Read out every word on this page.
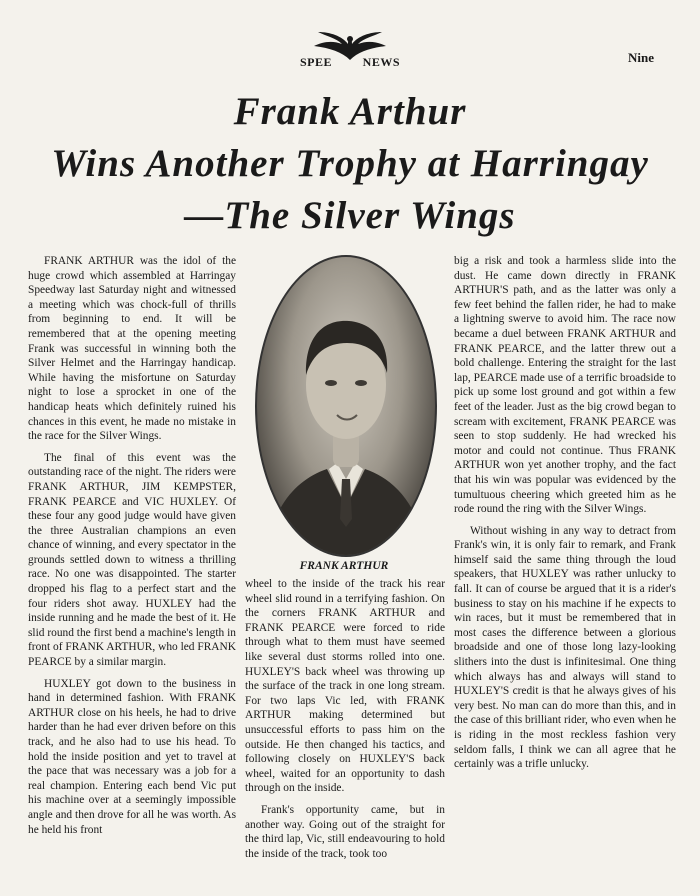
SPEE	NEWS	Nine
Frank Arthur
Wins Another Trophy at Harringay
—The Silver Wings

FRANK ARTHUR was the idol of the huge crowd which assembled at Harringay Speedway last Saturday night and witnessed a meeting which was chock-full of thrills from beginning to end. It will be remembered that at the opening meeting Frank was successful in winning both the Silver Helmet and the Harringay handicap. While having the misfortune on Saturday night to lose a sprocket in one of the handicap heats which definitely ruined his chances in this event, he made no mistake in the race for the Silver Wings.

The final of this event was the outstanding race of the night. The riders were FRANK ARTHUR, JIM KEMPSTER, FRANK PEARCE and VIC HUXLEY. Of these four any good judge would have given the three Australian champions an even chance of winning, and every spectator in the grounds settled down to witness a thrilling race. No one was disappointed. The starter dropped his flag to a perfect start and the four riders shot away. HUXLEY had the inside running and he made the best of it. He slid round the first bend a machine's length in front of FRANK ARTHUR, who led FRANK PEARCE by a similar margin.

HUXLEY got down to the business in hand in determined fashion. With FRANK ARTHUR close on his heels, he had to drive harder than he had ever driven before on this track, and he also had to use his head. To hold the inside position and yet to travel at the pace that was necessary was a job for a real champion. Entering each bend Vic put his machine over at a seemingly impossible angle and then drove for all he was worth. As he held his front

FRANK ARTHUR

wheel to the inside of the track his rear wheel slid round in a terrifying fashion. On the corners FRANK ARTHUR and FRANK PEARCE were forced to ride through what to them must have seemed like several dust storms rolled into one. HUXLEY'S back wheel was throwing up the surface of the track in one long stream. For two laps Vic led, with FRANK ARTHUR making determined but unsuccessful efforts to pass him on the outside. He then changed his tactics, and following closely on HUXLEY'S back wheel, waited for an opportunity to dash through on the inside.

Frank's opportunity came, but in another way. Going out of the straight for the third lap, Vic, still endeavouring to hold the inside of the track, took too

big a risk and took a harmless slide into the dust. He came down directly in FRANK ARTHUR'S path, and as the latter was only a few feet behind the fallen rider, he had to make a lightning swerve to avoid him. The race now became a duel between FRANK ARTHUR and FRANK PEARCE, and the latter threw out a bold challenge. Entering the straight for the last lap, PEARCE made use of a terrific broadside to pick up some lost ground and got within a few feet of the leader. Just as the big crowd began to scream with excitement, FRANK PEARCE was seen to stop suddenly. He had wrecked his motor and could not continue. Thus FRANK ARTHUR won yet another trophy, and the fact that his win was popular was evidenced by the tumultuous cheering which greeted him as he rode round the ring with the Silver Wings.

Without wishing in any way to detract from Frank's win, it is only fair to remark, and Frank himself said the same thing through the loud speakers, that HUXLEY was rather unlucky to fall. It can of course be argued that it is a rider's business to stay on his machine if he expects to win races, but it must be remembered that in most cases the difference between a glorious broadside and one of those long lazy-looking slithers into the dust is infinitesimal. One thing which always has and always will stand to HUXLEY'S credit is that he always gives of his very best. No man can do more than this, and in the case of this brilliant rider, who even when he is riding in the most reckless fashion very seldom falls, I think we can all agree that he certainly was a trifle unlucky.
